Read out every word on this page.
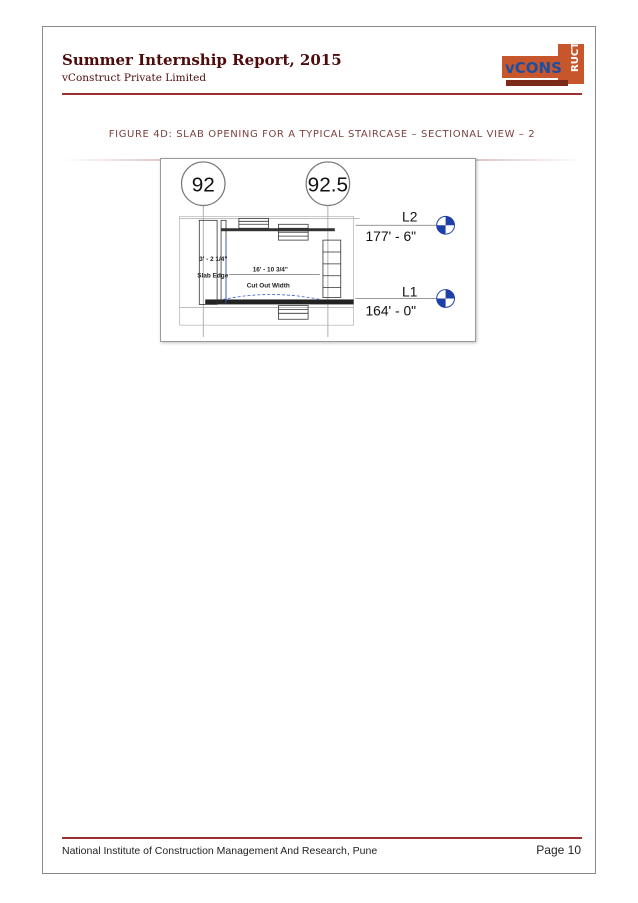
Summer Internship Report, 2015
vConstruct Private Limited
vCONS RUCT
FIGURE 4D: SLAB OPENING FOR A TYPICAL STAIRCASE – SECTIONAL VIEW – 2
92	92.5
3' - 2 1/4"
Slab Edge
16' - 10 3/4"
Cut Out Width
L2
177' - 6"
L1
164' - 0"
National Institute of Construction Management And Research, Pune	Page 10
